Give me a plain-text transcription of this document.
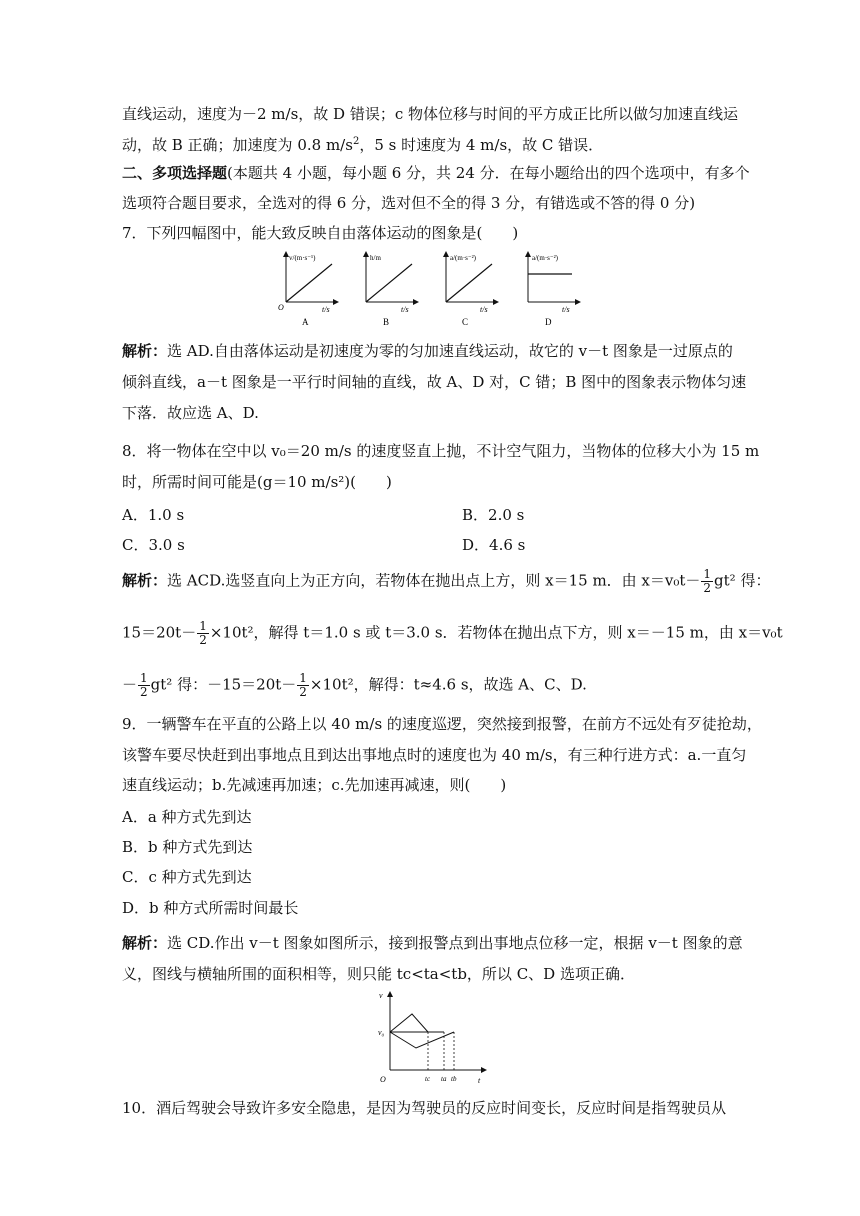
直线运动，速度为－2 m/s，故 D 错误；c 物体位移与时间的平方成正比所以做匀加速直线运
动，故 B 正确；加速度为 0.8 $m/s^2$，5 s 时速度为 4 m/s，故 C 错误．
二、多项选择题(本题共 4 小题，每小题 6 分，共 24 分．在每小题给出的四个选项中，有多个
选项符合题目要求，全选对的得 6 分，选对但不全的得 3 分，有错选或不答的得 0 分)
7．下列四幅图中，能大致反映自由落体运动的图象是(　　)
v/(m·s⁻¹)
t/s
O
A
h/m
t/s
B
a/(m·s⁻²)
t/s
C
a/(m·s⁻²)
t/s
D
解析：选 AD.自由落体运动是初速度为零的匀加速直线运动，故它的 v－t 图象是一过原点的
倾斜直线，a－t 图象是一平行时间轴的直线，故 A、D 对，C 错；B 图中的图象表示物体匀速
下落．故应选 A、D.
8．将一物体在空中以 v₀＝20 m/s 的速度竖直上抛，不计空气阻力，当物体的位移大小为 15 m
时，所需时间可能是(g＝10 m/s²)(　　)
A．1.0 s	B．2.0 s
C．3.0 s	D．4.6 s
解析：选 ACD.选竖直向上为正方向，若物体在抛出点上方，则 x＝15 m．由 $x=v_0t- \frac{1}{2} gt^2$ 得：
$15=20t- \frac{1}{2} \times 10t^2$，解得 t＝1.0 s 或 t＝3.0 s．若物体在抛出点下方，则 x＝－15 m，由 x＝v₀t
－ $\frac{1}{2} gt^2$ 得：$-15=20t- \frac{1}{2} \times 10t^2$，解得：t≈4.6 s，故选 A、C、D.
9．一辆警车在平直的公路上以 40 m/s 的速度巡逻，突然接到报警，在前方不远处有歹徒抢劫，
该警车要尽快赶到出事地点且到达出事地点时的速度也为 40 m/s，有三种行进方式：a.一直匀
速直线运动；b.先减速再加速；c.先加速再减速，则(　　)
A．a 种方式先到达
B．b 种方式先到达
C．c 种方式先到达
D．b 种方式所需时间最长
解析：选 CD.作出 v－t 图象如图所示，接到报警点到出事地点位移一定，根据 v－t 图象的意
义，图线与横轴所围的面积相等，则只能 tc<ta<tb，所以 C、D 选项正确．
v
t
O
v₀
tc ta tb
10．酒后驾驶会导致许多安全隐患，是因为驾驶员的反应时间变长，反应时间是指驾驶员从
